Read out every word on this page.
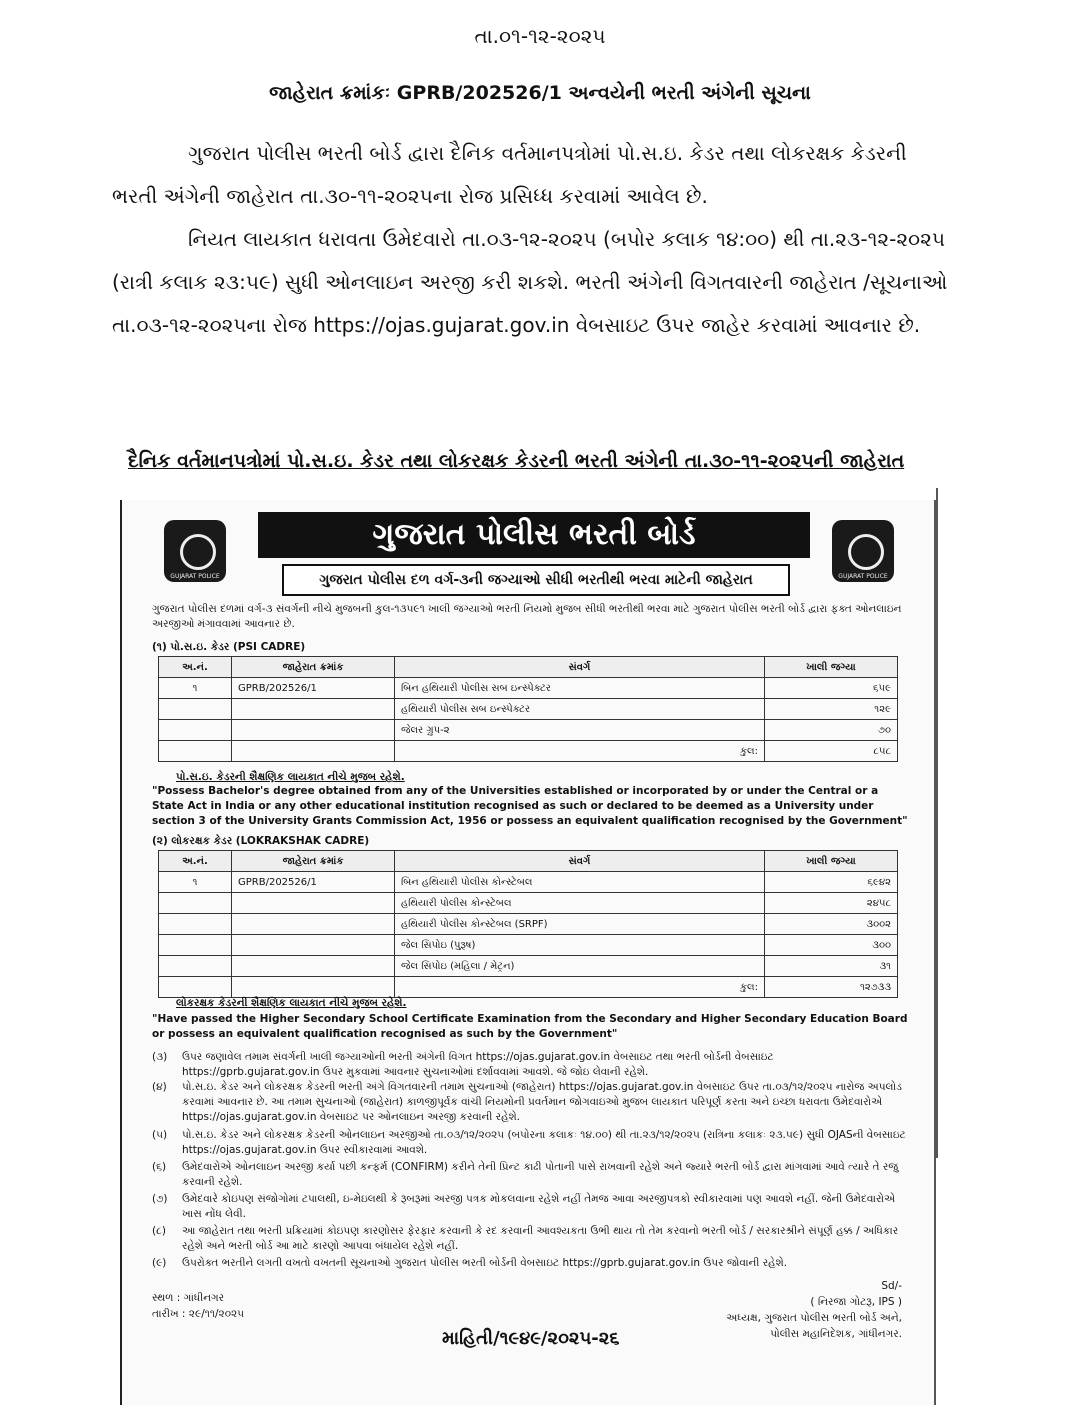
તા.૦૧-૧૨-૨૦૨૫
જાહેરાત ક્રમાંકઃ GPRB/202526/1 અન્વયેની ભરતી અંગેની સૂચના
ગુજરાત પોલીસ ભરતી બોર્ડ દ્વારા દૈનિક વર્તમાનપત્રોમાં પો.સ.ઇ. કેડર તથા લોકરક્ષક કેડરની ભરતી અંગેની જાહેરાત તા.૩૦-૧૧-૨૦૨૫ના રોજ પ્રસિધ્ધ કરવામાં આવેલ છે.
નિયત લાયકાત ધરાવતા ઉમેદવારો તા.૦૩-૧૨-૨૦૨૫ (બપોર કલાક ૧૪:૦૦) થી તા.૨૩-૧૨-૨૦૨૫ (રાત્રી કલાક ૨૩:૫૯) સુધી ઓનલાઇન અરજી કરી શકશે. ભરતી અંગેની વિગતવારની જાહેરાત /સૂચનાઓ તા.૦૩-૧૨-૨૦૨૫ના રોજ https://ojas.gujarat.gov.in વેબસાઇટ ઉપર જાહેર કરવામાં આવનાર છે.
દૈનિક વર્તમાનપત્રોમાં પો.સ.ઇ. કેડર તથા લોકરક્ષક કેડરની ભરતી અંગેની તા.૩૦-૧૧-૨૦૨૫ની જાહેરાત
GUJARAT POLICE
ગુજરાત પોલીસ ભરતી બોર્ડ
ગુજરાત પોલીસ દળ વર્ગ-૩ની જગ્યાઓ સીધી ભરતીથી ભરવા માટેની જાહેરાત	GUJARAT POLICE
ગુજરાત પોલીસ દળમાં વર્ગ-૩ સંવર્ગની નીચે મુજબની કુલ-૧૩૫૯૧ ખાલી જગ્યાઓ ભરતી નિયમો મુજબ સીધી ભરતીથી ભરવા માટે ગુજરાત પોલીસ ભરતી બોર્ડ દ્વારા ફક્ત ઓનલાઇન અરજીઓ મંગાવવામાં આવનાર છે.
(૧) પો.સ.ઇ. કેડર (PSI CADRE)
અ.નં.	જાહેરાત ક્રમાંક	સંવર્ગ	ખાલી જગ્યા
૧	GPRB/202526/1	બિન હથિયારી પોલીસ સબ ઇન્સ્પેક્ટર	૬૫૯
		હથિયારી પોલીસ સબ ઇન્સ્પેક્ટર	૧૨૯
		જેલર ગ્રુપ-૨	૭૦
		કુલ:	૮૫૮
પો.સ.ઇ. કેડરની શૈક્ષણિક લાયકાત નીચે મુજબ રહેશે.
"Possess Bachelor's degree obtained from any of the Universities established or incorporated by or under the Central or a State Act in India or any other educational institution recognised as such or declared to be deemed as a University under section 3 of the University Grants Commission Act, 1956 or possess an equivalent qualification recognised by the Government"
(૨) લોકરક્ષક કેડર (LOKRAKSHAK CADRE)
અ.નં.	જાહેરાત ક્રમાંક	સંવર્ગ	ખાલી જગ્યા
૧	GPRB/202526/1	બિન હથિયારી પોલીસ કોન્સ્ટેબલ	૬૯૪૨
		હથિયારી પોલીસ કોન્સ્ટેબલ	૨૪૫૮
		હથિયારી પોલીસ કોન્સ્ટેબલ (SRPF)	૩૦૦૨
		જેલ સિપોઇ (પુરૂષ)	૩૦૦
		જેલ સિપોઇ (મહિલા / મેટ્રન)	૩૧
		કુલ:	૧૨૭૩૩
લોકરક્ષક કેડરની શૈક્ષણિક લાયકાત નીચે મુજબ રહેશે.
"Have passed the Higher Secondary School Certificate Examination from the Secondary and Higher Secondary Education Board or possess an equivalent qualification recognised as such by the Government"
(૩)	ઉપર જણાવેલ તમામ સંવર્ગની ખાલી જગ્યાઓની ભરતી અંગેની વિગત https://ojas.gujarat.gov.in વેબસાઇટ તથા ભરતી બોર્ડની વેબસાઇટ https://gprb.gujarat.gov.in ઉપર મુકવામાં આવનાર સુચનાઓમાં દર્શાવવામાં આવશે. જે જોઇ લેવાની રહેશે.
(૪)	પો.સ.ઇ. કેડર અને લોકરક્ષક કેડરની ભરતી અંગે વિગતવારની તમામ સુચનાઓ (જાહેરાત) https://ojas.gujarat.gov.in વેબસાઇટ ઉપર તા.૦૩/૧૨/૨૦૨૫ નારોજ અપલોડ કરવામાં આવનાર છે. આ તમામ સુચનાઓ (જાહેરાત) કાળજીપૂર્વક વાંચી નિયમોની પ્રવર્તમાન જોગવાઇઓ મુજબ લાયકાત પરિપૂર્ણ કરતા અને ઇચ્છા ધરાવતા ઉમેદવારોએ https://ojas.gujarat.gov.in વેબસાઇટ પર ઓનલાઇન અરજી કરવાની રહેશે.
(૫)	પો.સ.ઇ. કેડર અને લોકરક્ષક કેડરની ઓનલાઇન અરજીઓ તા.૦૩/૧૨/૨૦૨૫ (બપોરના કલાકઃ ૧૪.૦૦) થી તા.૨૩/૧૨/૨૦૨૫ (રાત્રિના કલાકઃ ૨૩.૫૯) સુધી OJASની વેબસાઇટ https://ojas.gujarat.gov.in ઉપર સ્વીકારવામાં આવશે.
(૬)	ઉમેદવારોએ ઓનલાઇન અરજી કર્યા પછી કન્ફર્મ (CONFIRM) કરીને તેની પ્રિન્ટ કાઢી પોતાની પાસે રાખવાની રહેશે અને જ્યારે ભરતી બોર્ડ દ્વારા માંગવામાં આવે ત્યારે તે રજુ કરવાની રહેશે.
(૭)	ઉમેદવારે કોઇપણ સંજોગોમાં ટપાલથી, ઇ-મેઇલથી કે રૂબરૂમાં અરજી પત્રક મોકલવાના રહેશે નહીં તેમજ આવા અરજીપત્રકો સ્વીકારવામાં પણ આવશે નહીં. જેની ઉમેદવારોએ ખાસ નોંધ લેવી.
(૮)	આ જાહેરાત તથા ભરતી પ્રક્રિયામાં કોઇપણ કારણોસર ફેરફાર કરવાની કે રદ કરવાની આવશ્યકતા ઉભી થાય તો તેમ કરવાનો ભરતી બોર્ડ / સરકારશ્રીને સંપૂર્ણ હક્ક / અધિકાર રહેશે અને ભરતી બોર્ડ આ માટે કારણો આપવા બંધાયેલ રહેશે નહીં.
(૯)	ઉપરોક્ત ભરતીને લગતી વખતો વખતની સૂચનાઓ ગુજરાત પોલીસ ભરતી બોર્ડની વેબસાઇટ https://gprb.gujarat.gov.in ઉપર જોવાની રહેશે.
સ્થળ : ગાંધીનગર
તારીખ : ૨૯/૧૧/૨૦૨૫
Sd/-
( નિરજા ગોટરૂ, IPS )
અધ્યક્ષ, ગુજરાત પોલીસ ભરતી બોર્ડ અને,
પોલીસ મહાનિદેશક, ગાંધીનગર.
માહિતી/૧૯૪૯/૨૦૨૫-૨૬
